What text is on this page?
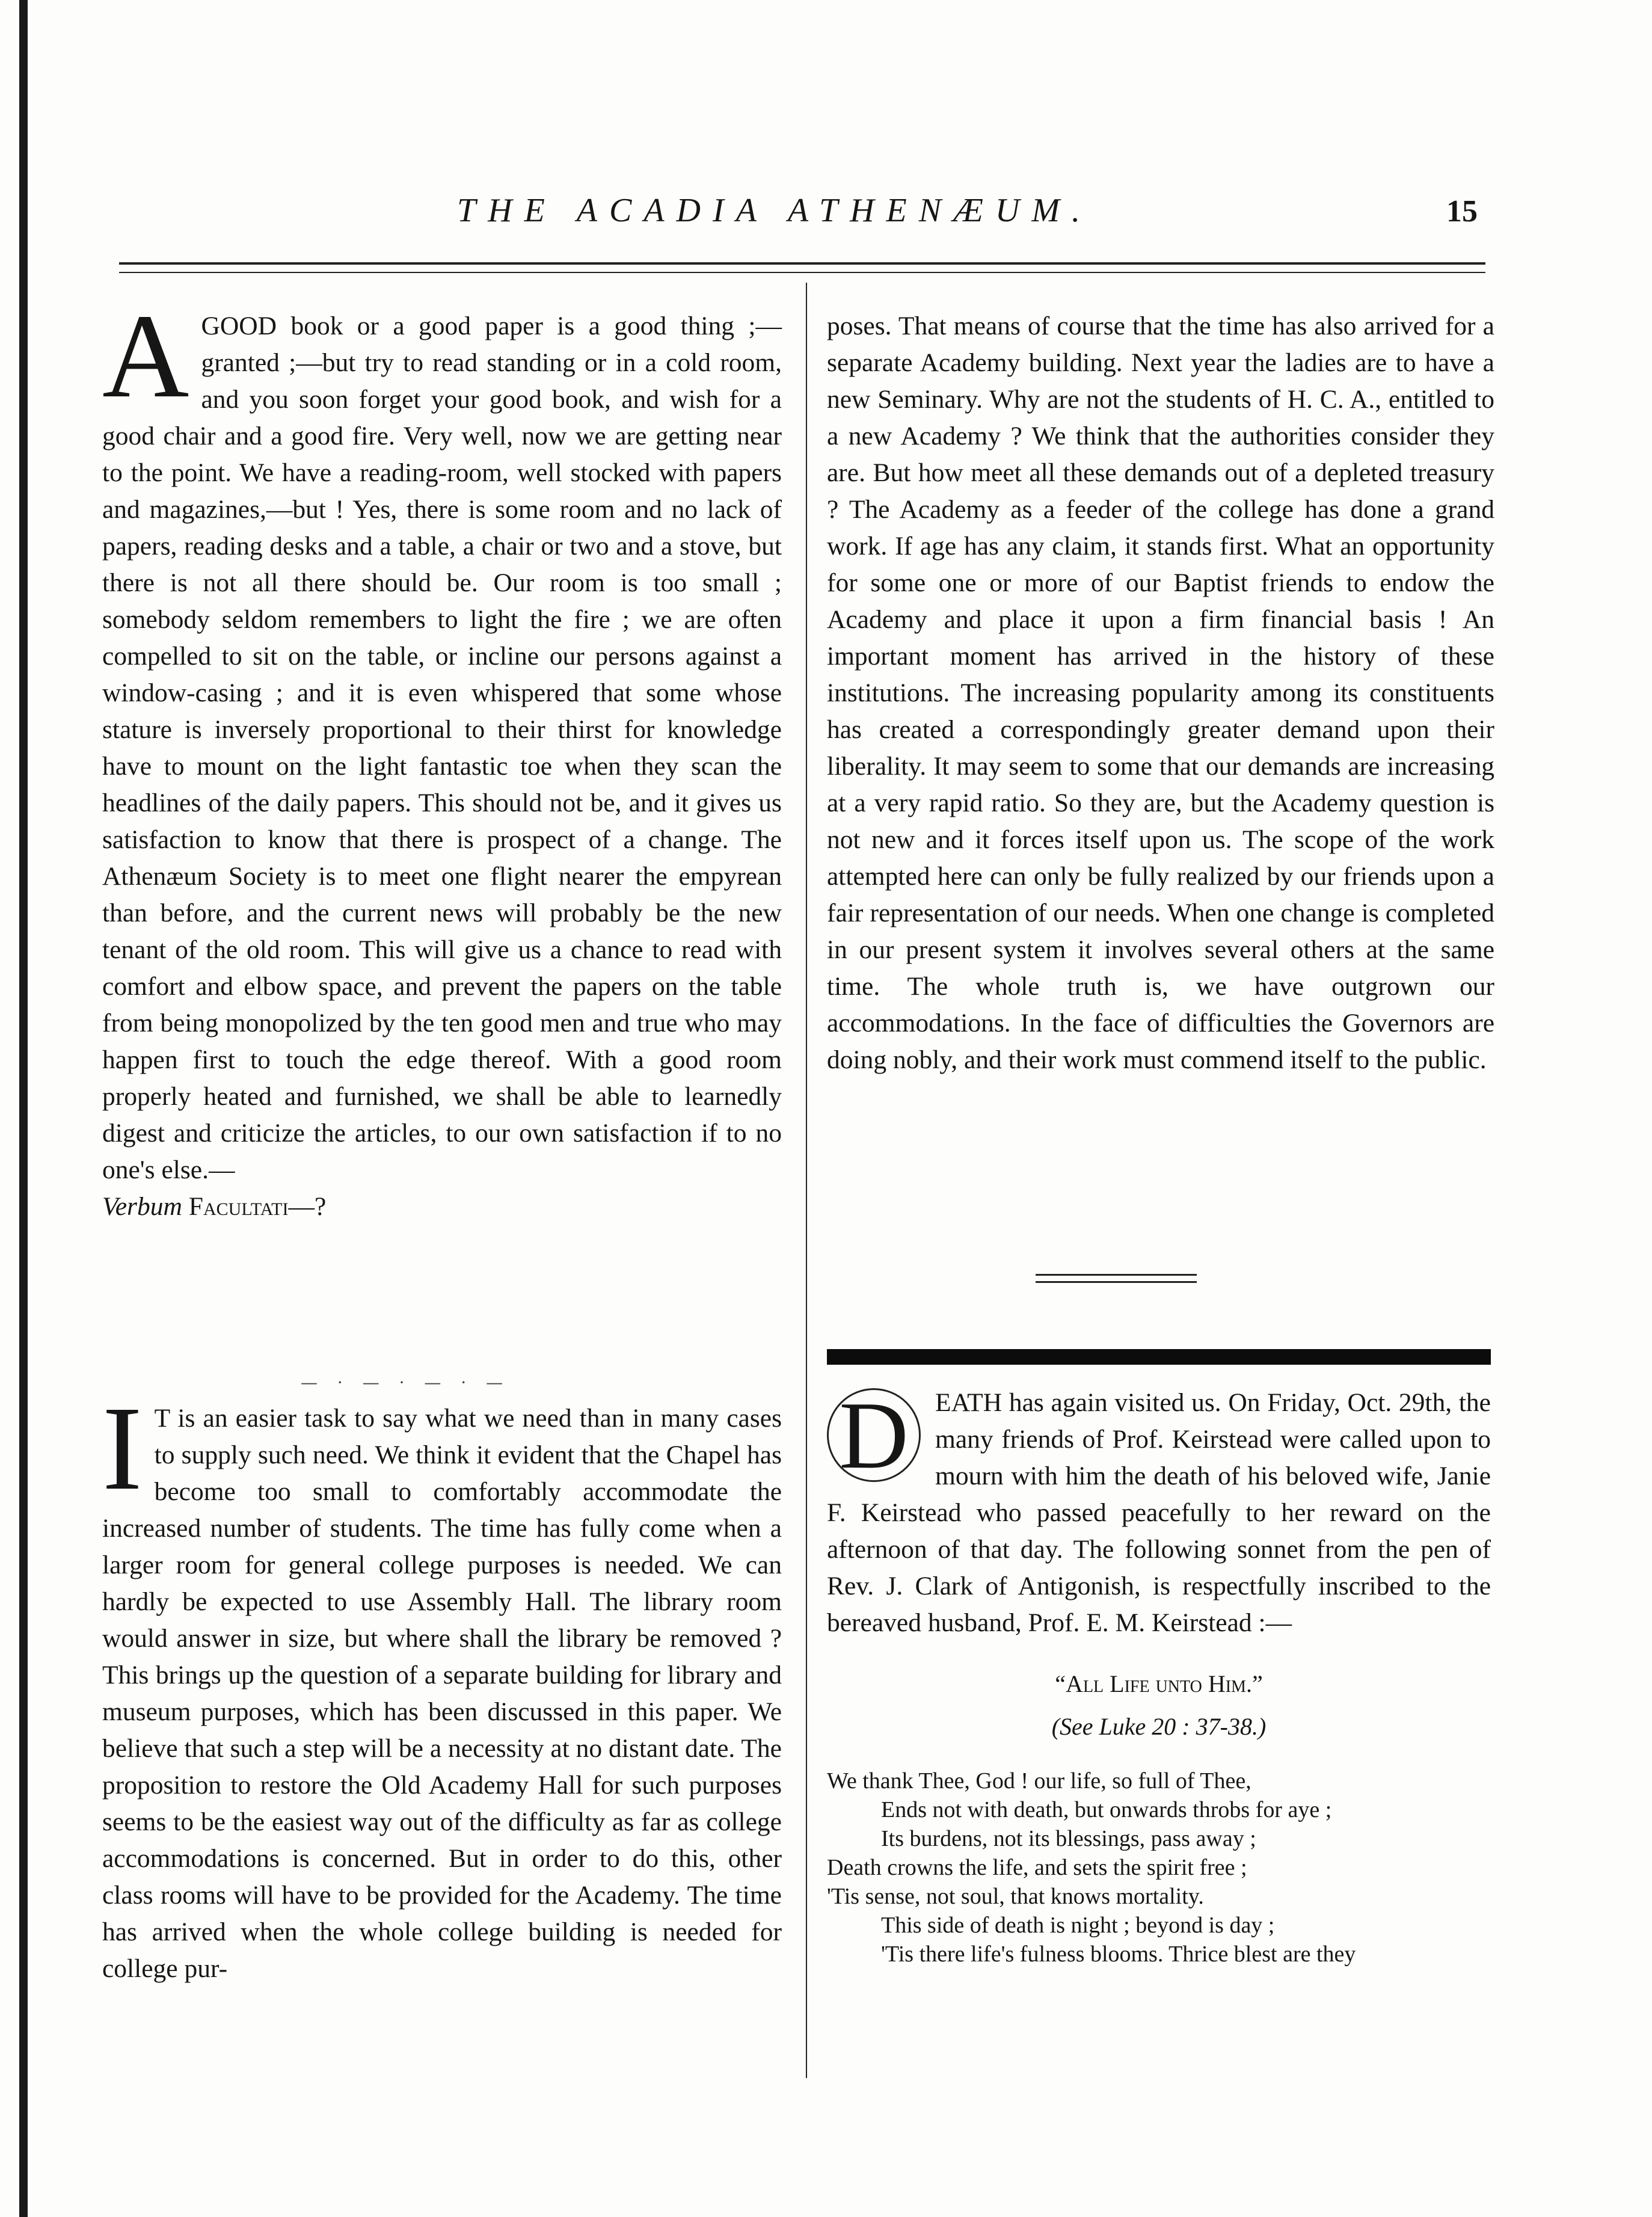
THE ACADIA ATHENÆUM.	15

A GOOD book or a good paper is a good thing ;—granted ;—but try to read standing or in a cold room, and you soon forget your good book, and wish for a good chair and a good fire. Very well, now we are getting near to the point. We have a reading-room, well stocked with papers and magazines,—but ! Yes, there is some room and no lack of papers, reading desks and a table, a chair or two and a stove, but there is not all there should be. Our room is too small ; somebody seldom remembers to light the fire ; we are often compelled to sit on the table, or incline our persons against a window-casing ; and it is even whispered that some whose stature is inversely proportional to their thirst for knowledge have to mount on the light fantastic toe when they scan the headlines of the daily papers. This should not be, and it gives us satisfaction to know that there is prospect of a change. The Athenæum Society is to meet one flight nearer the empyrean than before, and the current news will probably be the new tenant of the old room. This will give us a chance to read with comfort and elbow space, and prevent the papers on the table from being monopolized by the ten good men and true who may happen first to touch the edge thereof. With a good room properly heated and furnished, we shall be able to learnedly digest and criticize the articles, to our own satisfaction if to no one's else.—

Verbum Facultati—?

— · — · — · —

I T is an easier task to say what we need than in many cases to supply such need. We think it evident that the Chapel has become too small to comfortably accommodate the increased number of students. The time has fully come when a larger room for general college purposes is needed. We can hardly be expected to use Assembly Hall. The library room would answer in size, but where shall the library be removed ? This brings up the question of a separate building for library and museum purposes, which has been discussed in this paper. We believe that such a step will be a necessity at no distant date. The proposition to restore the Old Academy Hall for such purposes seems to be the easiest way out of the difficulty as far as college accommodations is concerned. But in order to do this, other class rooms will have to be provided for the Academy. The time has arrived when the whole college building is needed for college pur-

poses. That means of course that the time has also arrived for a separate Academy building. Next year the ladies are to have a new Seminary. Why are not the students of H. C. A., entitled to a new Academy ? We think that the authorities consider they are. But how meet all these demands out of a depleted treasury ? The Academy as a feeder of the college has done a grand work. If age has any claim, it stands first. What an opportunity for some one or more of our Baptist friends to endow the Academy and place it upon a firm financial basis ! An important moment has arrived in the history of these institutions. The increasing popularity among its constituents has created a correspondingly greater demand upon their liberality. It may seem to some that our demands are increasing at a very rapid ratio. So they are, but the Academy question is not new and it forces itself upon us. The scope of the work attempted here can only be fully realized by our friends upon a fair representation of our needs. When one change is completed in our present system it involves several others at the same time. The whole truth is, we have outgrown our accommodations. In the face of difficulties the Governors are doing nobly, and their work must commend itself to the public.

D	EATH has again visited us. On Friday, Oct. 29th, the many friends of Prof. Keirstead were called upon to mourn with him the death of his beloved wife, Janie F. Keirstead who passed peacefully to her reward on the afternoon of that day. The following sonnet from the pen of Rev. J. Clark of Antigonish, is respectfully inscribed to the bereaved husband, Prof. E. M. Keirstead :—

“All Life unto Him.”
(See Luke 20 : 37-38.)
We thank Thee, God ! our life, so full of Thee,
Ends not with death, but onwards throbs for aye ;
Its burdens, not its blessings, pass away ;
Death crowns the life, and sets the spirit free ;
'Tis sense, not soul, that knows mortality.
This side of death is night ; beyond is day ;
'Tis there life's fulness blooms. Thrice blest are they
